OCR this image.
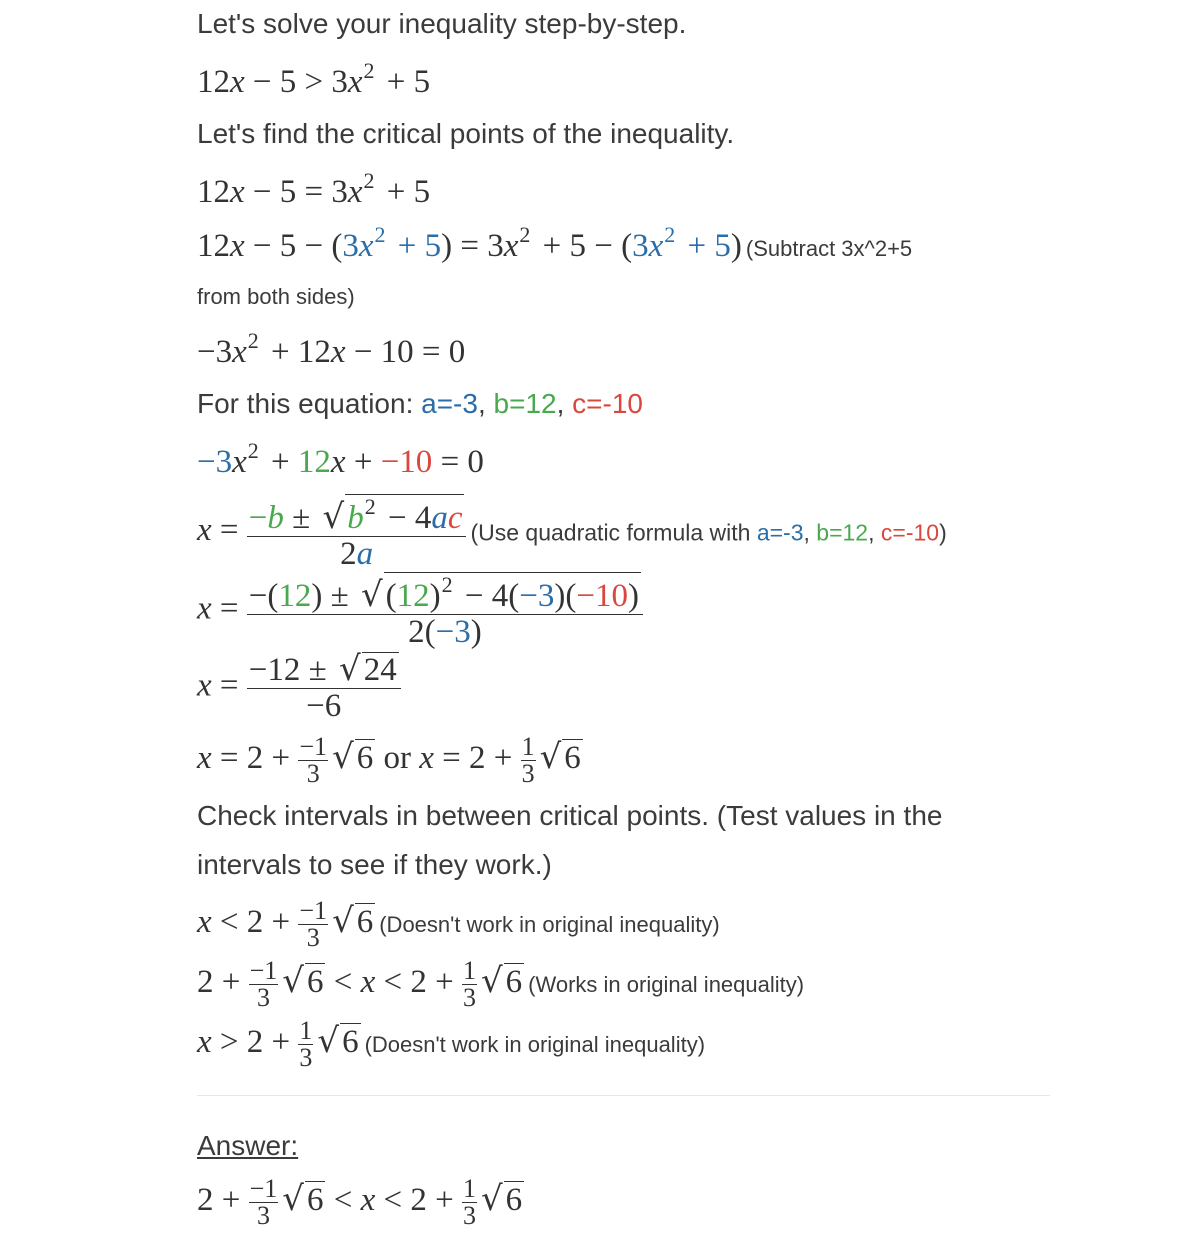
Let's solve your inequality step-by-step.
$12x - 5 > 3x^2 + 5$
Let's find the critical points of the inequality.
$12x - 5 = 3x^2 + 5$
$12x - 5 - (3x^2 + 5) = 3x^2 + 5 - (3x^2 + 5)$ (Subtract 3x^2+5
from both sides)
$-3x^2 + 12x - 10 = 0$
For this equation: a=-3, b=12, c=-10
$-3x^2 + 12x + -10 = 0$
$x = \frac{-b \pm √b^2 - 4ac}{2a} (Use$ quadratic formula with a=-3, b=12, c=-10)
$x = \frac{-(12) \pm √(12)^2 - 4(-3)(-10)}{2(-3)}$
$x = \frac{-12 \pm √24}{-6}$
$x = 2 + \frac{-1}{3} √6$ or $x = 2 + \frac{1}{3} √6$
Check intervals in between critical points. (Test values in the
intervals to see if they work.)
$x < 2 + \frac{-1}{3} √6$ (Doesn't work in original inequality)
$2 + \frac{-1}{3} √6 < x < 2 + \frac{1}{3} √6$ (Works in original inequality)
$x > 2 + \frac{1}{3} √6$ (Doesn't work in original inequality)
Answer:
$2 + \frac{-1}{3} √6 < x < 2 + \frac{1}{3} √6$
